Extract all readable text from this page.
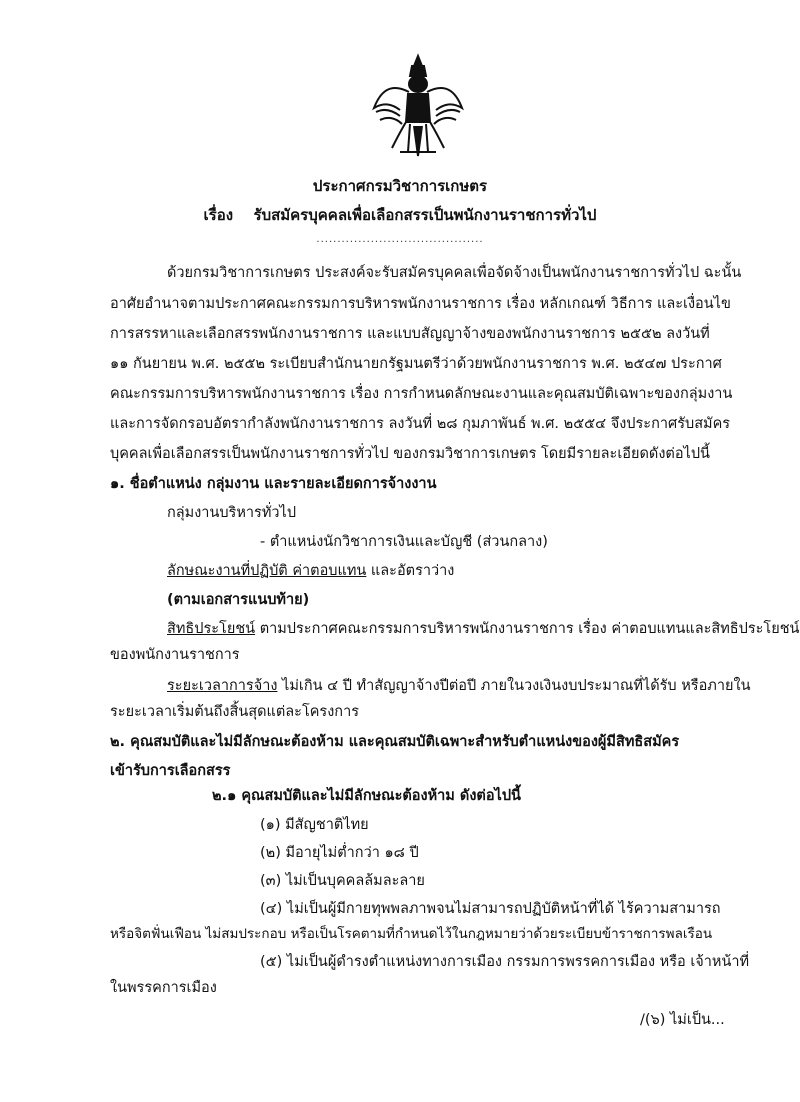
ประกาศกรมวิชาการเกษตร
เรื่อง รับสมัครบุคคลเพื่อเลือกสรรเป็นพนักงานราชการทั่วไป
........................................
ด้วยกรมวิชาการเกษตร ประสงค์จะรับสมัครบุคคลเพื่อจัดจ้างเป็นพนักงานราชการทั่วไป ฉะนั้น
อาศัยอำนาจตามประกาศคณะกรรมการบริหารพนักงานราชการ เรื่อง หลักเกณฑ์ วิธีการ และเงื่อนไข
การสรรหาและเลือกสรรพนักงานราชการ และแบบสัญญาจ้างของพนักงานราชการ ๒๕๕๒ ลงวันที่
๑๑ กันยายน พ.ศ. ๒๕๕๒ ระเบียบสำนักนายกรัฐมนตรีว่าด้วยพนักงานราชการ พ.ศ. ๒๕๔๗ ประกาศ
คณะกรรมการบริหารพนักงานราชการ เรื่อง การกำหนดลักษณะงานและคุณสมบัติเฉพาะของกลุ่มงาน
และการจัดกรอบอัตรากำลังพนักงานราชการ ลงวันที่ ๒๘ กุมภาพันธ์ พ.ศ. ๒๕๕๔ จึงประกาศรับสมัคร
บุคคลเพื่อเลือกสรรเป็นพนักงานราชการทั่วไป ของกรมวิชาการเกษตร โดยมีรายละเอียดดังต่อไปนี้
๑. ชื่อตำแหน่ง กลุ่มงาน และรายละเอียดการจ้างงาน
กลุ่มงานบริหารทั่วไป
- ตำแหน่งนักวิชาการเงินและบัญชี (ส่วนกลาง)
ลักษณะงานที่ปฏิบัติ ค่าตอบแทน และอัตราว่าง
(ตามเอกสารแนบท้าย)
สิทธิประโยชน์ ตามประกาศคณะกรรมการบริหารพนักงานราชการ เรื่อง ค่าตอบแทนและสิทธิประโยชน์
ของพนักงานราชการ
ระยะเวลาการจ้าง ไม่เกิน ๔ ปี ทำสัญญาจ้างปีต่อปี ภายในวงเงินงบประมาณที่ได้รับ หรือภายใน
ระยะเวลาเริ่มต้นถึงสิ้นสุดแต่ละโครงการ
๒. คุณสมบัติและไม่มีลักษณะต้องห้าม และคุณสมบัติเฉพาะสำหรับตำแหน่งของผู้มีสิทธิสมัคร
เข้ารับการเลือกสรร
๒.๑ คุณสมบัติและไม่มีลักษณะต้องห้าม ดังต่อไปนี้
(๑) มีสัญชาติไทย
(๒) มีอายุไม่ต่ำกว่า ๑๘ ปี
(๓) ไม่เป็นบุคคลล้มละลาย
(๔) ไม่เป็นผู้มีกายทุพพลภาพจนไม่สามารถปฏิบัติหน้าที่ได้ ไร้ความสามารถ
หรือจิตฟั่นเฟือน ไม่สมประกอบ หรือเป็นโรคตามที่กำหนดไว้ในกฎหมายว่าด้วยระเบียบข้าราชการพลเรือน
(๕) ไม่เป็นผู้ดำรงตำแหน่งทางการเมือง กรรมการพรรคการเมือง หรือ เจ้าหน้าที่
ในพรรคการเมือง
/(๖) ไม่เป็น...
